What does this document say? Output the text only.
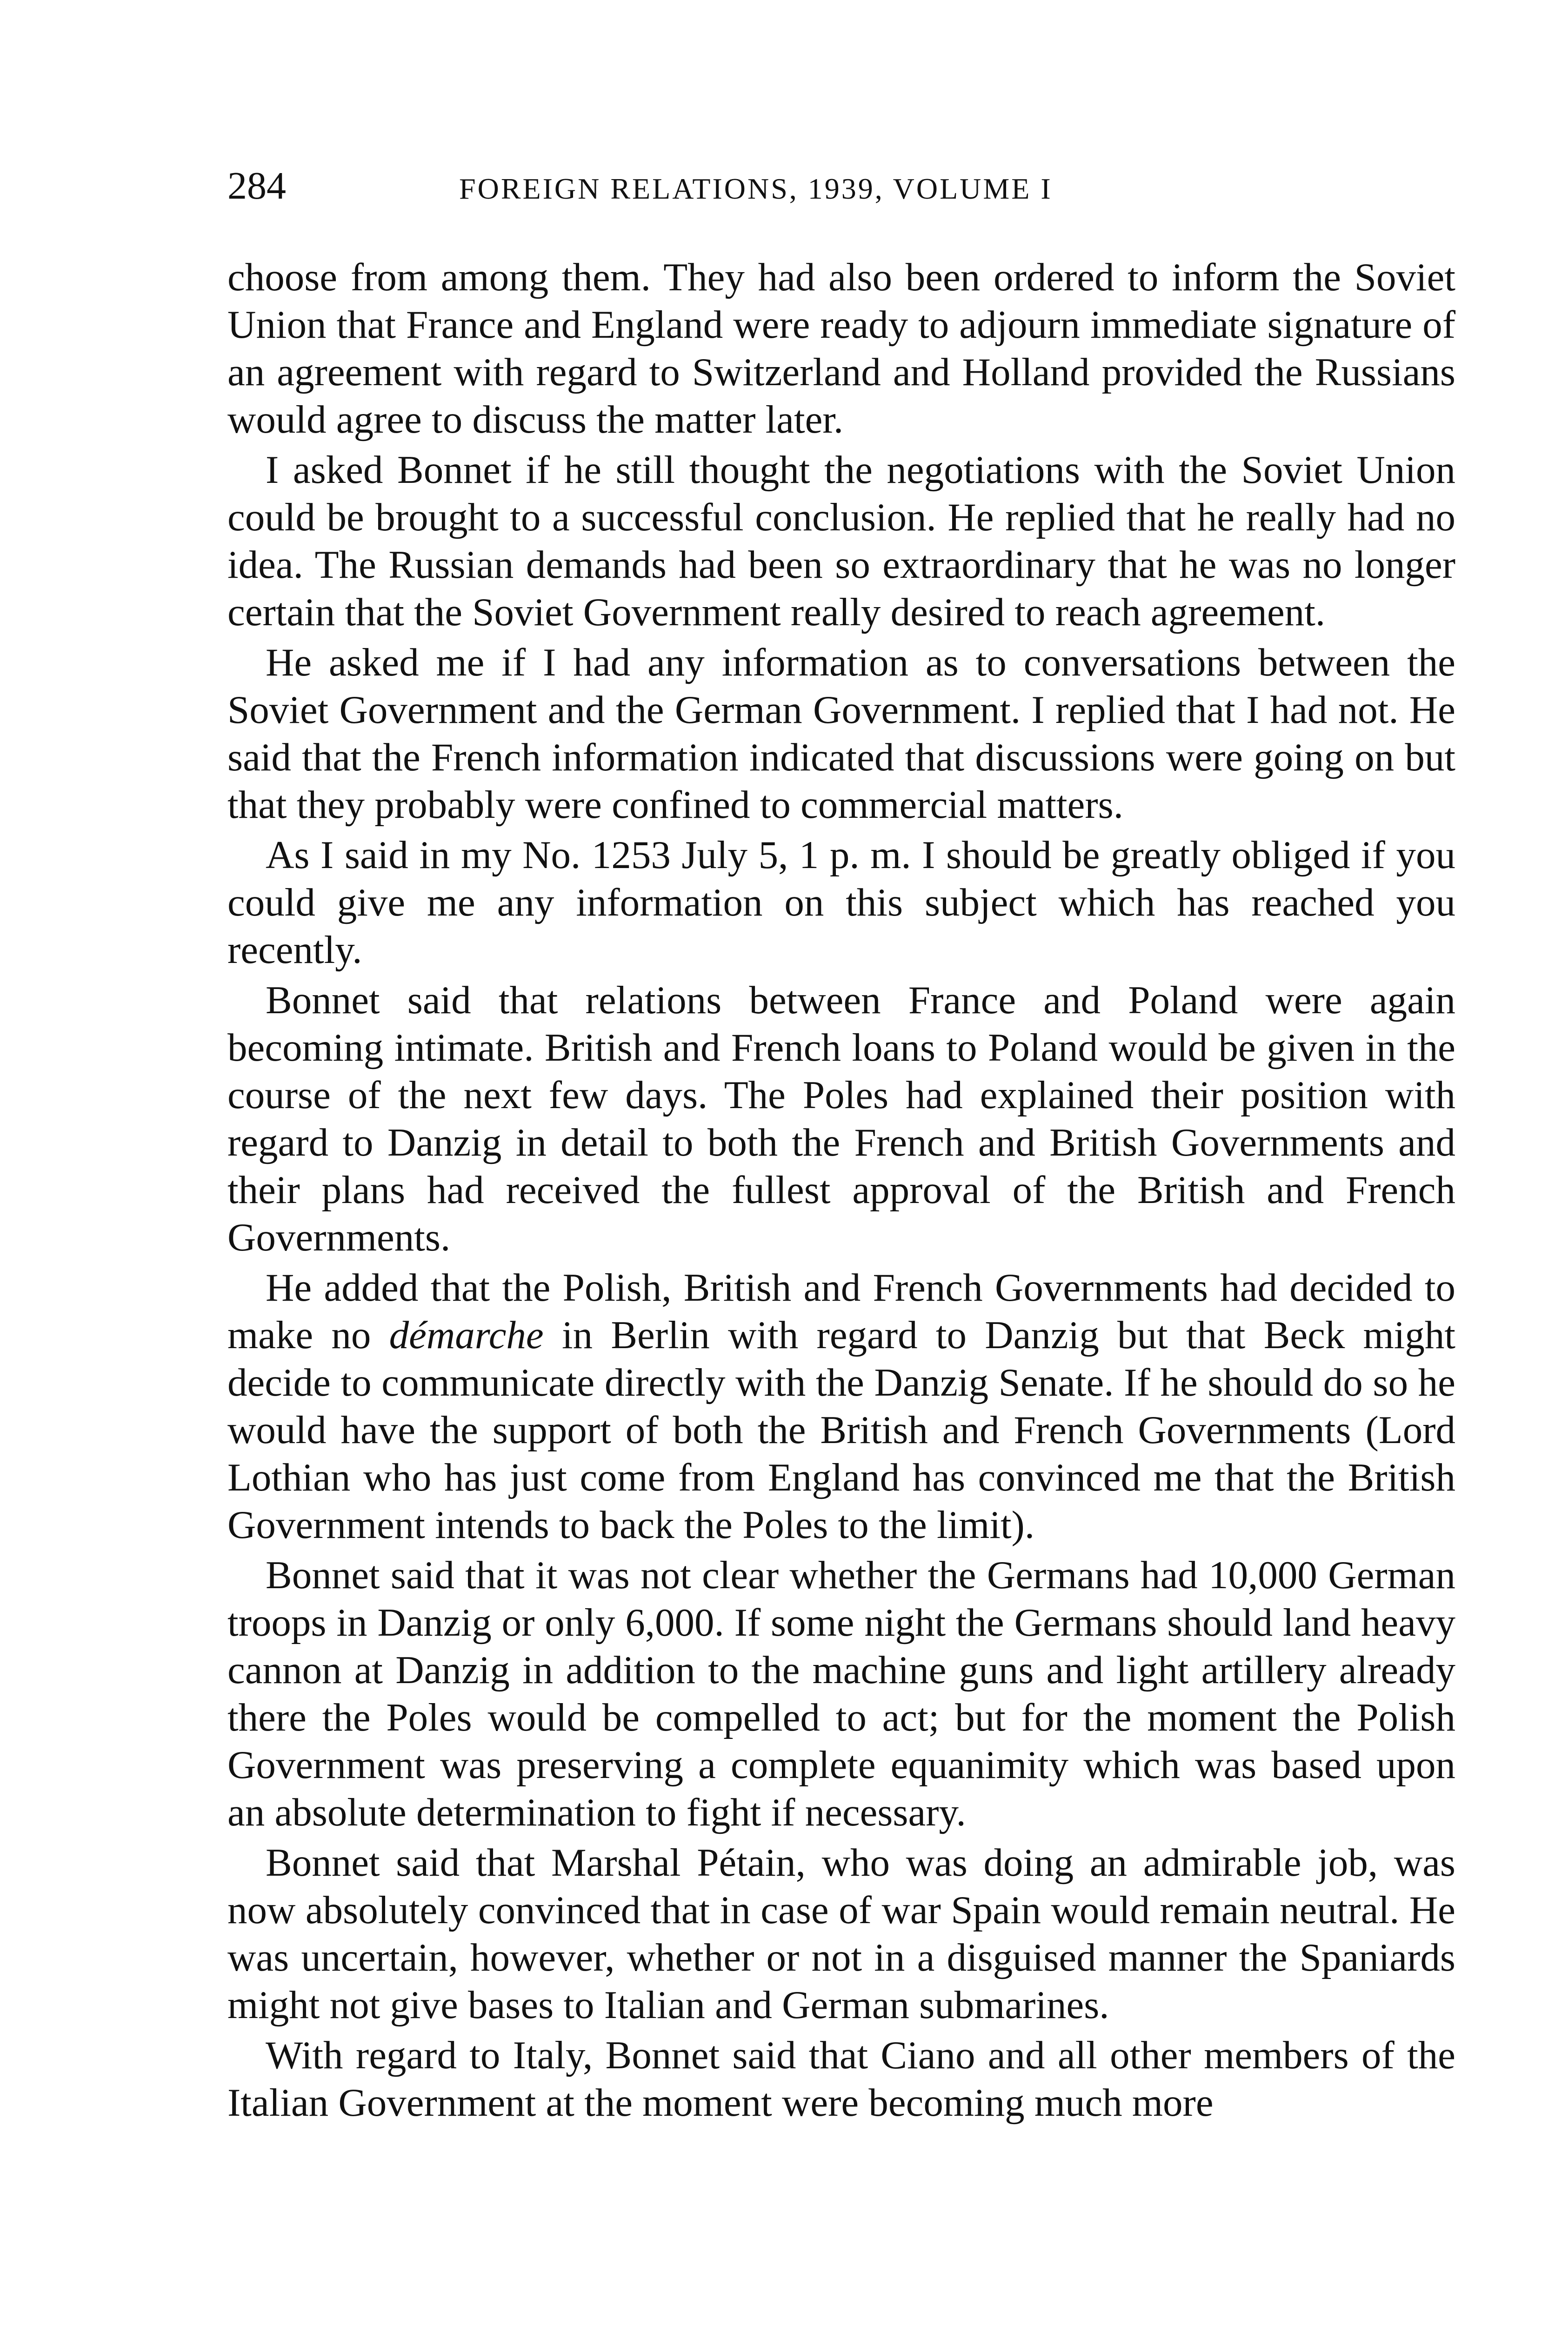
284	FOREIGN RELATIONS, 1939, VOLUME I

choose from among them. They had also been ordered to inform the Soviet Union that France and England were ready to adjourn immediate signature of an agreement with regard to Switzerland and Holland provided the Russians would agree to discuss the matter later.

I asked Bonnet if he still thought the negotiations with the Soviet Union could be brought to a successful conclusion. He replied that he really had no idea. The Russian demands had been so extraordinary that he was no longer certain that the Soviet Government really desired to reach agreement.

He asked me if I had any information as to conversations between the Soviet Government and the German Government. I replied that I had not. He said that the French information indicated that discussions were going on but that they probably were confined to commercial matters.

As I said in my No. 1253 July 5, 1 p. m. I should be greatly obliged if you could give me any information on this subject which has reached you recently.

Bonnet said that relations between France and Poland were again becoming intimate. British and French loans to Poland would be given in the course of the next few days. The Poles had explained their position with regard to Danzig in detail to both the French and British Governments and their plans had received the fullest approval of the British and French Governments.

He added that the Polish, British and French Governments had decided to make no démarche in Berlin with regard to Danzig but that Beck might decide to communicate directly with the Danzig Senate. If he should do so he would have the support of both the British and French Governments (Lord Lothian who has just come from England has convinced me that the British Government intends to back the Poles to the limit).

Bonnet said that it was not clear whether the Germans had 10,000 German troops in Danzig or only 6,000. If some night the Germans should land heavy cannon at Danzig in addition to the machine guns and light artillery already there the Poles would be compelled to act; but for the moment the Polish Government was preserving a complete equanimity which was based upon an absolute determination to fight if necessary.

Bonnet said that Marshal Pétain, who was doing an admirable job, was now absolutely convinced that in case of war Spain would remain neutral. He was uncertain, however, whether or not in a disguised manner the Spaniards might not give bases to Italian and German submarines.

With regard to Italy, Bonnet said that Ciano and all other members of the Italian Government at the moment were becoming much more
